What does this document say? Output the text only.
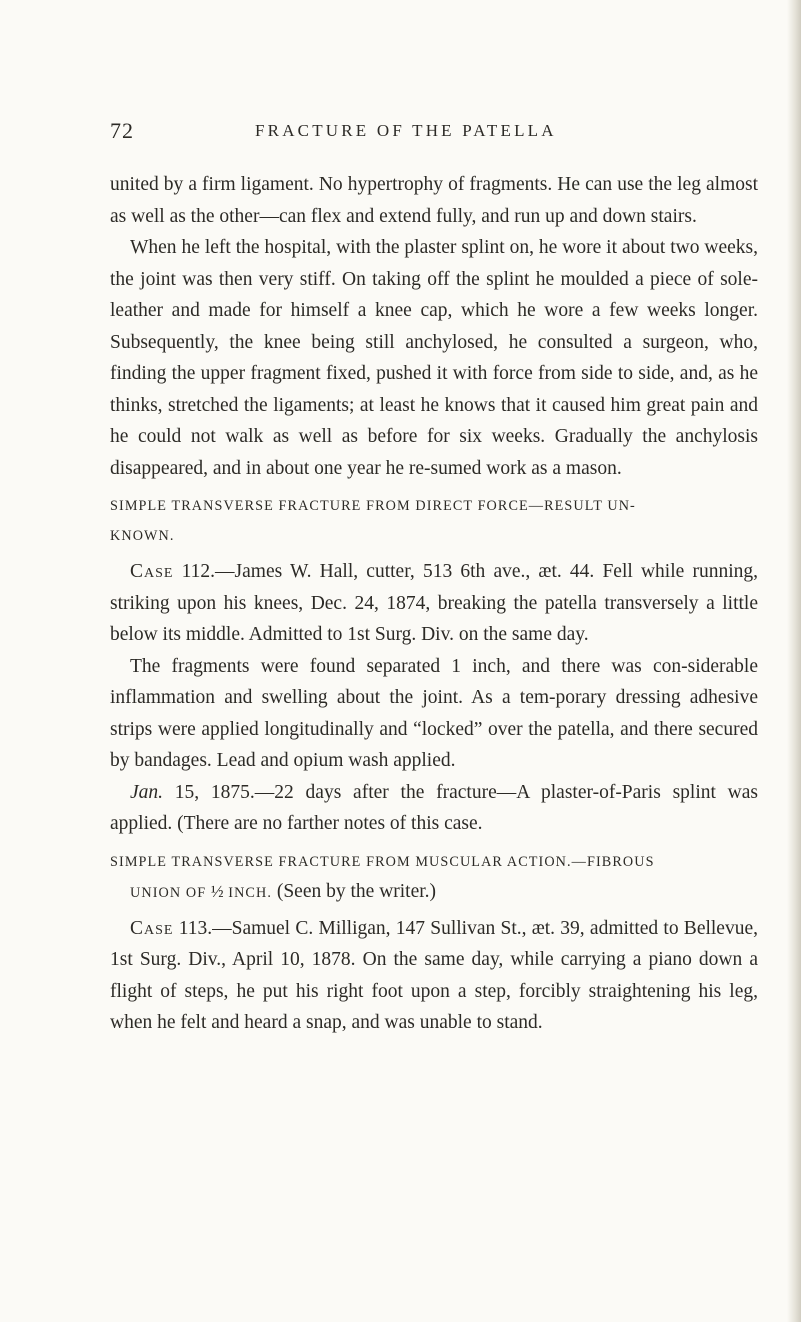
72	FRACTURE OF THE PATELLA

united by a firm ligament. No hypertrophy of fragments. He can use the leg almost as well as the other—can flex and extend fully, and run up and down stairs.

When he left the hospital, with the plaster splint on, he wore it about two weeks, the joint was then very stiff. On taking off the splint he moulded a piece of sole-leather and made for himself a knee cap, which he wore a few weeks longer. Subsequently, the knee being still anchylosed, he consulted a surgeon, who, finding the upper fragment fixed, pushed it with force from side to side, and, as he thinks, stretched the ligaments; at least he knows that it caused him great pain and he could not walk as well as before for six weeks. Gradually the anchylosis disappeared, and in about one year he re-sumed work as a mason.

SIMPLE TRANSVERSE FRACTURE FROM DIRECT FORCE—RESULT UN-
KNOWN.

Case 112.—James W. Hall, cutter, 513 6th ave., æt. 44. Fell while running, striking upon his knees, Dec. 24, 1874, breaking the patella transversely a little below its middle. Admitted to 1st Surg. Div. on the same day.

The fragments were found separated 1 inch, and there was con-siderable inflammation and swelling about the joint. As a tem-porary dressing adhesive strips were applied longitudinally and “locked” over the patella, and there secured by bandages. Lead and opium wash applied.

Jan. 15, 1875.—22 days after the fracture—A plaster-of-Paris splint was applied. (There are no farther notes of this case.

SIMPLE TRANSVERSE FRACTURE FROM MUSCULAR ACTION.—FIBROUS
UNION OF ½ INCH. (Seen by the writer.)

Case 113.—Samuel C. Milligan, 147 Sullivan St., æt. 39, admitted to Bellevue, 1st Surg. Div., April 10, 1878. On the same day, while carrying a piano down a flight of steps, he put his right foot upon a step, forcibly straightening his leg, when he felt and heard a snap, and was unable to stand.
